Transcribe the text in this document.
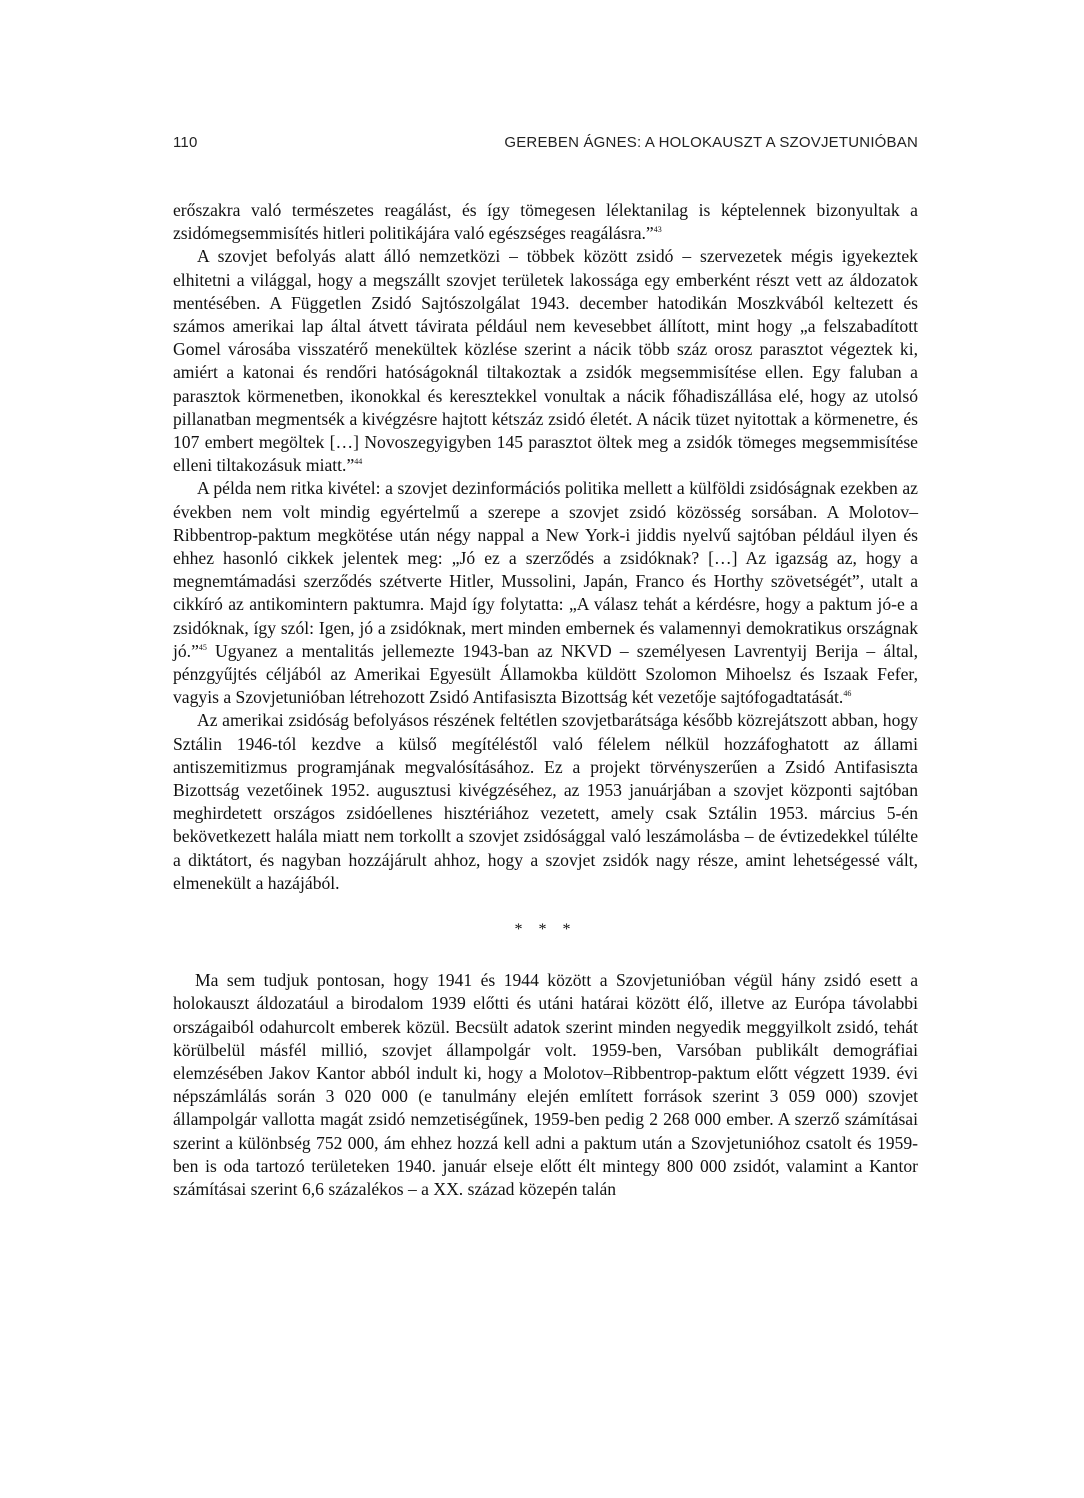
110	GEREBEN ÁGNES: A HOLOKAUSZT A SZOVJETUNIÓBAN

erőszakra való természetes reagálást, és így tömegesen lélektanilag is képtelennek bizonyultak a zsidómegsemmisítés hitleri politikájára való egészséges reagálásra.”$^{43}$

A szovjet befolyás alatt álló nemzetközi – többek között zsidó – szervezetek mégis igyekeztek elhitetni a világgal, hogy a megszállt szovjet területek lakossága egy emberként részt vett az áldozatok mentésében. A Független Zsidó Sajtószolgálat 1943. december hatodikán Moszkvából keltezett és számos amerikai lap által átvett távirata például nem kevesebbet állított, mint hogy „a felszabadított Gomel városába visszatérő menekültek közlése szerint a nácik több száz orosz parasztot végeztek ki, amiért a katonai és rendőri hatóságoknál tiltakoztak a zsidók megsemmisítése ellen. Egy faluban a parasztok körmenetben, ikonokkal és keresztekkel vonultak a nácik főhadiszállása elé, hogy az utolsó pillanatban megmentsék a kivégzésre hajtott kétszáz zsidó életét. A nácik tüzet nyitottak a körmenetre, és 107 embert megöltek […] Novoszegyigyben 145 parasztot öltek meg a zsidók tömeges megsemmisítése elleni tiltakozásuk miatt.”$^{44}$

A példa nem ritka kivétel: a szovjet dezinformációs politika mellett a külföldi zsidóságnak ezekben az években nem volt mindig egyértelmű a szerepe a szovjet zsidó közösség sorsában. A Molotov–Ribbentrop-paktum megkötése után négy nappal a New York-i jiddis nyelvű sajtóban például ilyen és ehhez hasonló cikkek jelentek meg: „Jó ez a szerződés a zsidóknak? […] Az igazság az, hogy a megnemtámadási szerződés szétverte Hitler, Mussolini, Japán, Franco és Horthy szövetségét”, utalt a cikkíró az antikomintern paktumra. Majd így folytatta: „A válasz tehát a kérdésre, hogy a paktum jó-e a zsidóknak, így szól: Igen, jó a zsidóknak, mert minden embernek és valamennyi demokratikus országnak jó.”$^{45}$ Ugyanez a mentalitás jellemezte 1943-ban az NKVD – személyesen Lavrentyij Berija – által, pénzgyűjtés céljából az Amerikai Egyesült Államokba küldött Szolomon Mihoelsz és Iszaak Fefer, vagyis a Szovjetunióban létrehozott Zsidó Antifasiszta Bizottság két vezetője sajtófogadtatását.$^{46}$

Az amerikai zsidóság befolyásos részének feltétlen szovjetbarátsága később közrejátszott abban, hogy Sztálin 1946-tól kezdve a külső megítéléstől való félelem nélkül hozzáfoghatott az állami antiszemitizmus programjának megvalósításához. Ez a projekt törvényszerűen a Zsidó Antifasiszta Bizottság vezetőinek 1952. augusztusi kivégzéséhez, az 1953 januárjában a szovjet központi sajtóban meghirdetett országos zsidóellenes hisztériához vezetett, amely csak Sztálin 1953. március 5-én bekövetkezett halála miatt nem torkollt a szovjet zsidósággal való leszámolásba – de évtizedekkel túlélte a diktátort, és nagyban hozzájárult ahhoz, hogy a szovjet zsidók nagy része, amint lehetségessé vált, elmenekült a hazájából.

* * *

Ma sem tudjuk pontosan, hogy 1941 és 1944 között a Szovjetunióban végül hány zsidó esett a holokauszt áldozatául a birodalom 1939 előtti és utáni határai között élő, illetve az Európa távolabbi országaiból odahurcolt emberek közül. Becsült adatok szerint minden negyedik meggyilkolt zsidó, tehát körülbelül másfél millió, szovjet állampolgár volt. 1959-ben, Varsóban publikált demográfiai elemzésében Jakov Kantor abból indult ki, hogy a Molotov–Ribbentrop-paktum előtt végzett 1939. évi népszámlálás során 3 020 000 (e tanulmány elején említett források szerint 3 059 000) szovjet állampolgár vallotta magát zsidó nemzetiségűnek, 1959-ben pedig 2 268 000 ember. A szerző számításai szerint a különbség 752 000, ám ehhez hozzá kell adni a paktum után a Szovjetunióhoz csatolt és 1959-ben is oda tartozó területeken 1940. január elseje előtt élt mintegy 800 000 zsidót, valamint a Kantor számításai szerint 6,6 százalékos – a XX. század közepén talán
